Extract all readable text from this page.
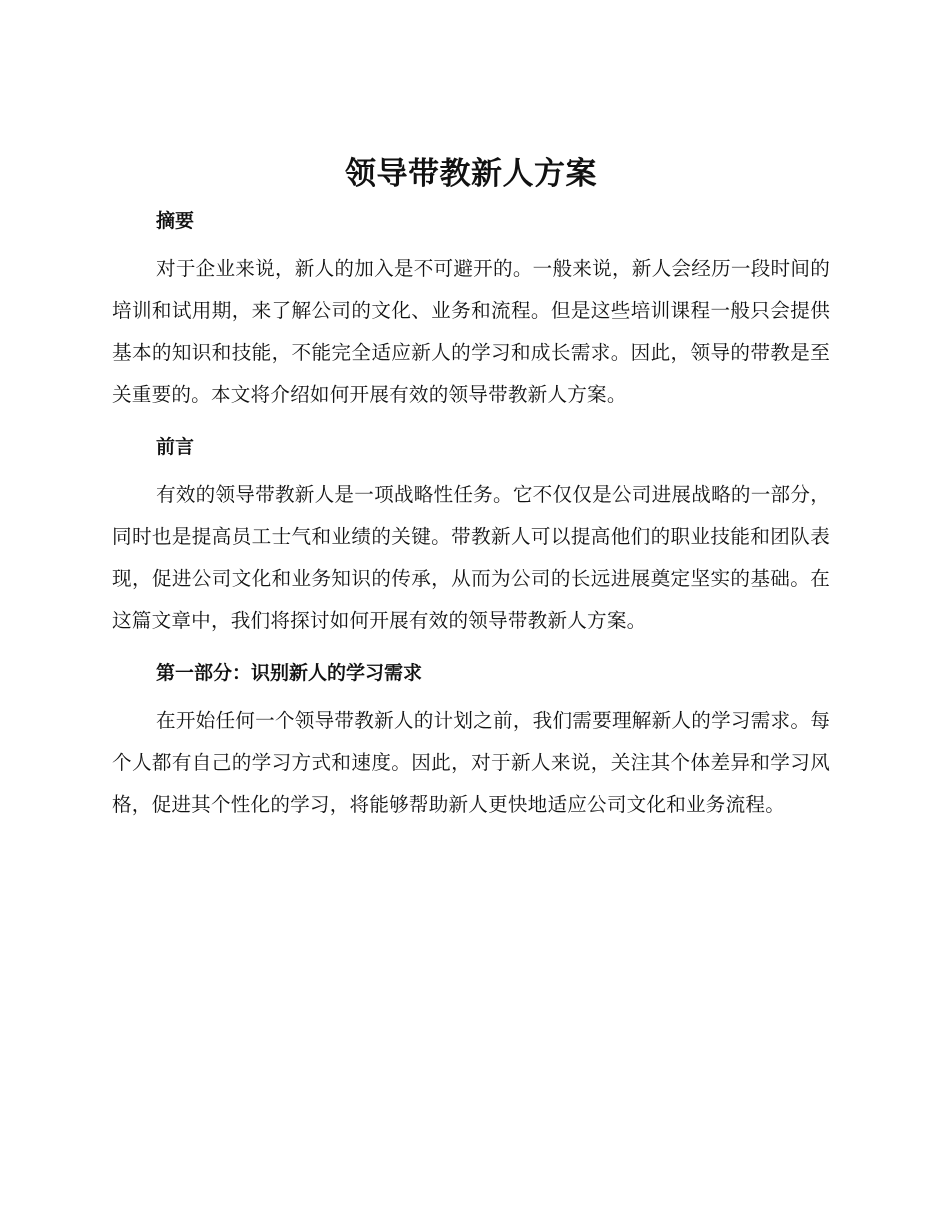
领导带教新人方案
摘要

对于企业来说，新人的加入是不可避开的。一般来说，新人会经历一段时间的培训和试用期，来了解公司的文化、业务和流程。但是这些培训课程一般只会提供基本的知识和技能，不能完全适应新人的学习和成长需求。因此，领导的带教是至关重要的。本文将介绍如何开展有效的领导带教新人方案。

前言

有效的领导带教新人是一项战略性任务。它不仅仅是公司进展战略的一部分，同时也是提高员工士气和业绩的关键。带教新人可以提高他们的职业技能和团队表现，促进公司文化和业务知识的传承，从而为公司的长远进展奠定坚实的基础。在这篇文章中，我们将探讨如何开展有效的领导带教新人方案。

第一部分：识别新人的学习需求

在开始任何一个领导带教新人的计划之前，我们需要理解新人的学习需求。每个人都有自己的学习方式和速度。因此，对于新人来说，关注其个体差异和学习风格，促进其个性化的学习，将能够帮助新人更快地适应公司文化和业务流程。
